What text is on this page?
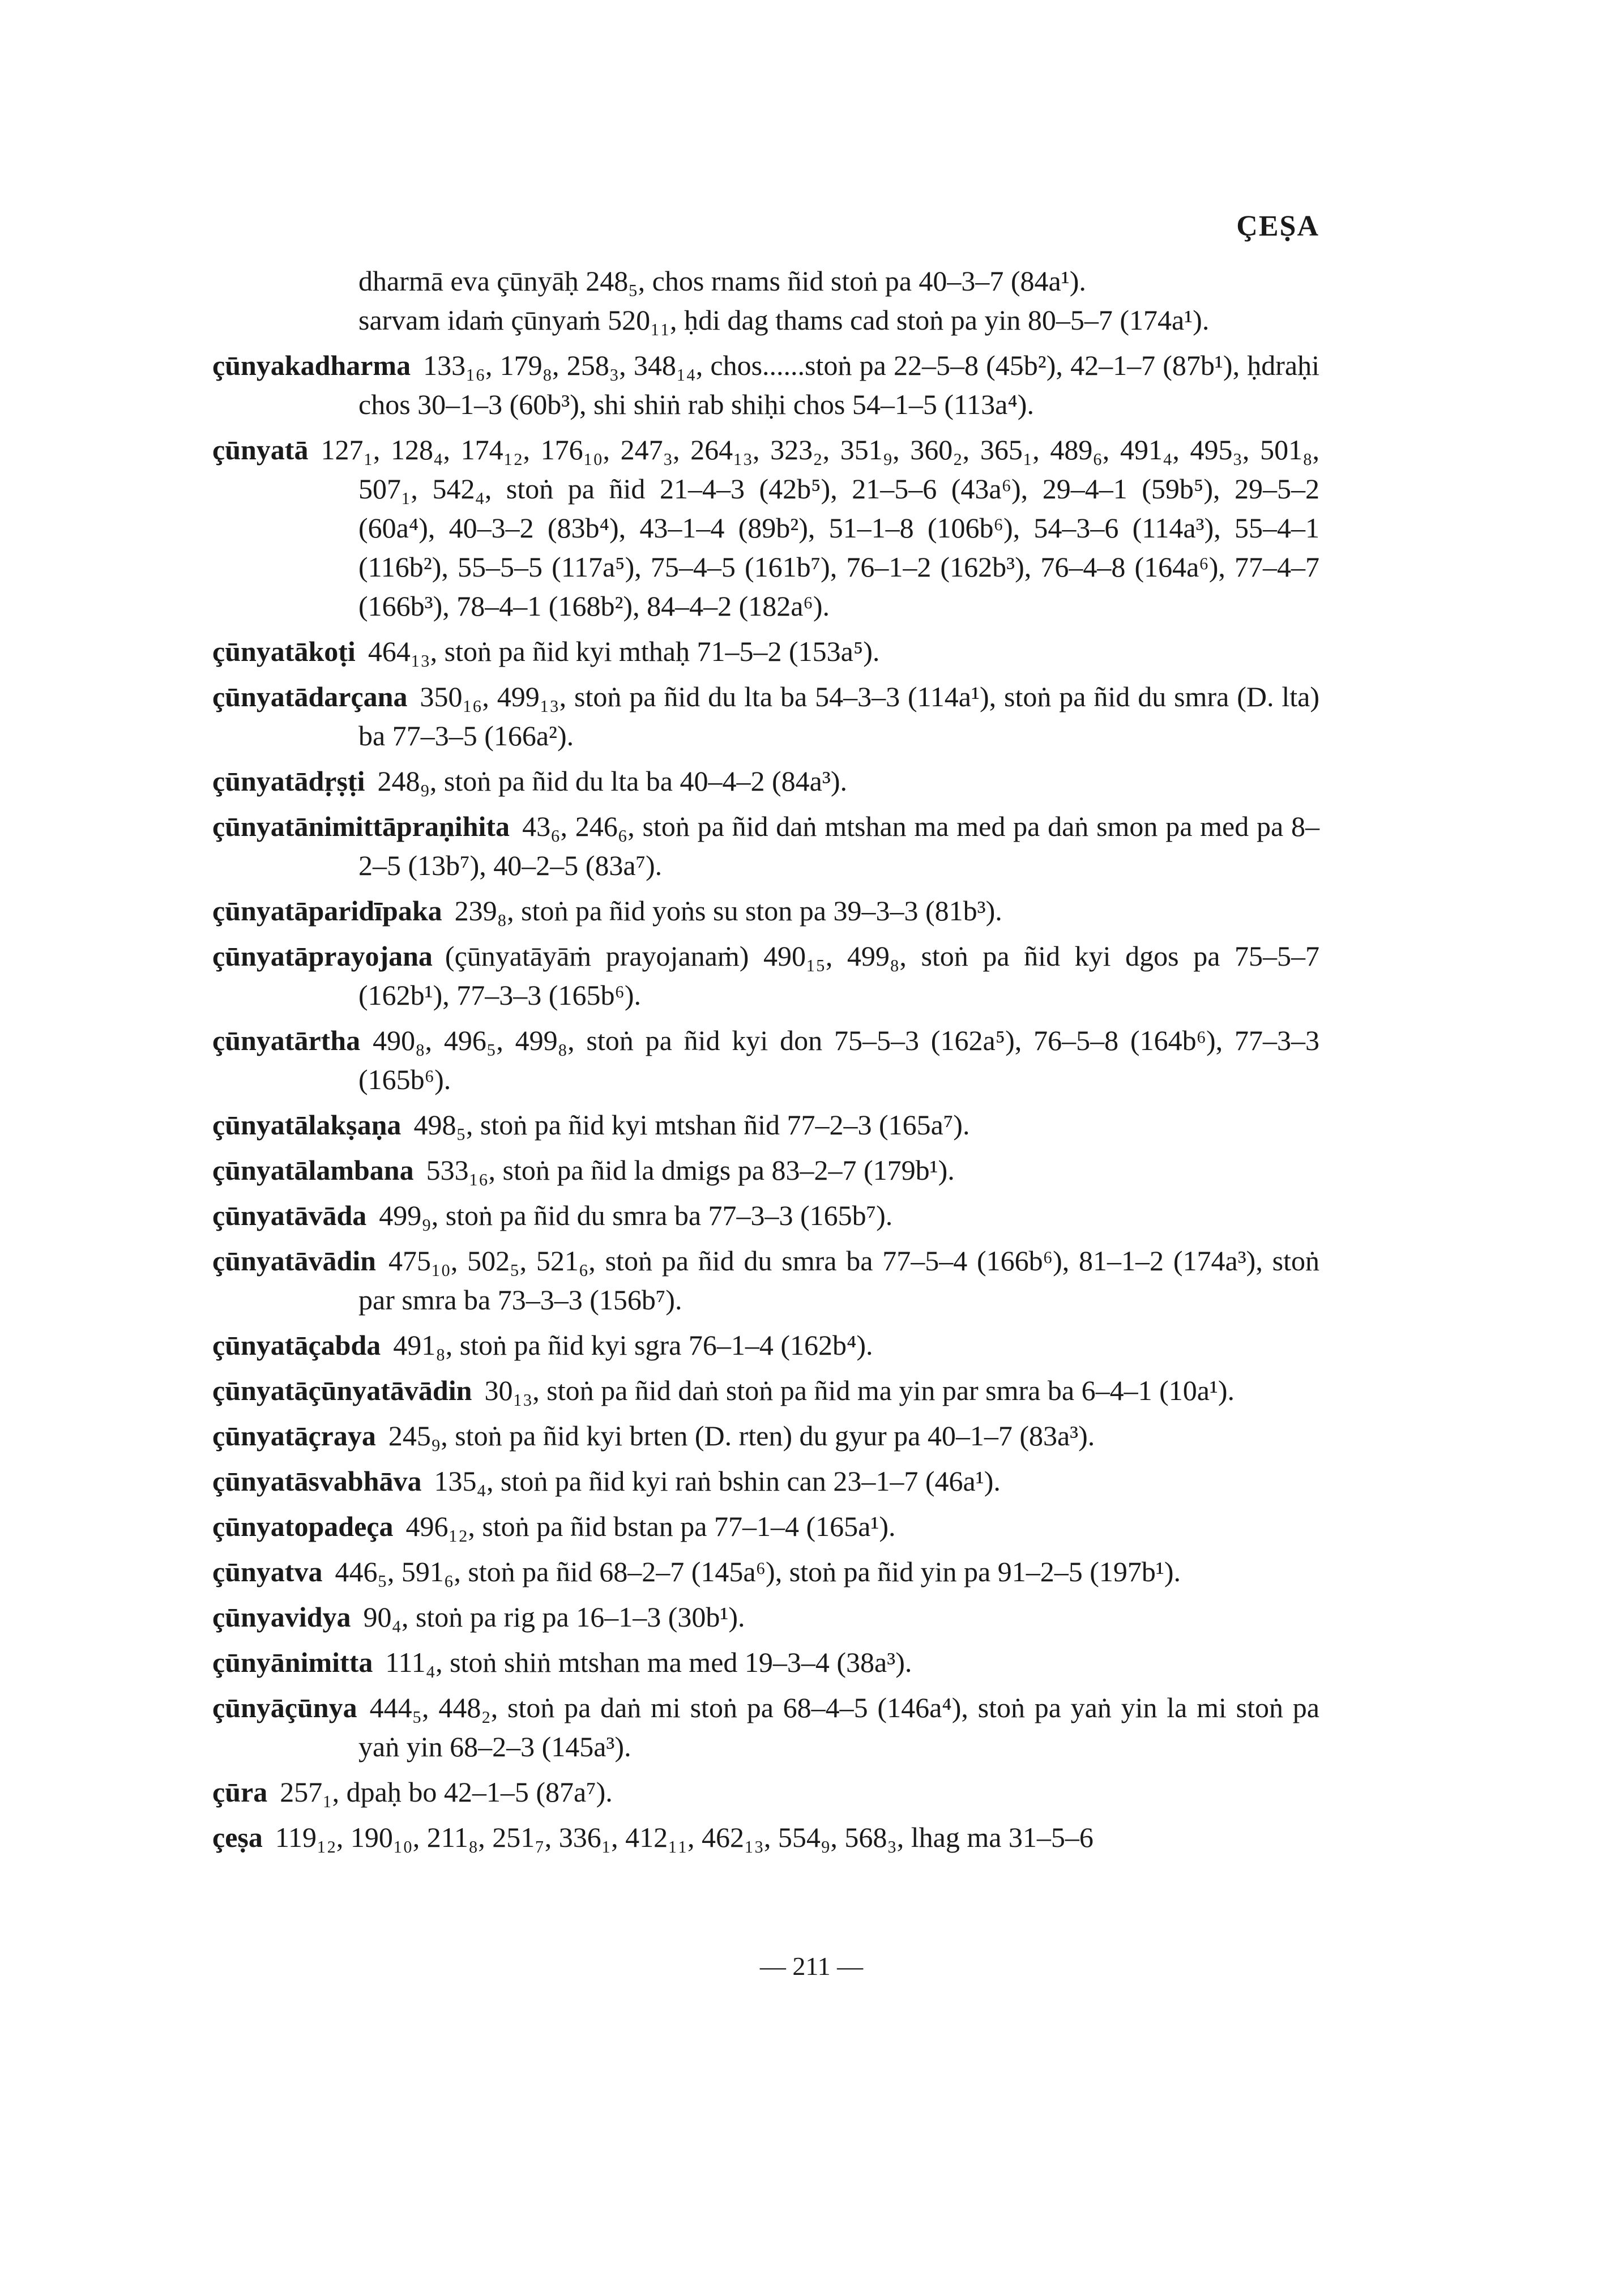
ÇEṢA

dharmā eva çūnyāḥ 248₅, chos rnams ñid stoṅ pa 40–3–7 (84a¹).

sarvam idaṁ çūnyaṁ 520₁₁, ḥdi dag thams cad stoṅ pa yin 80–5–7 (174a¹).

çūnyakadharma 133₁₆, 179₈, 258₃, 348₁₄, chos......stoṅ pa 22–5–8 (45b²), 42–1–7 (87b¹), ḥdraḥi chos 30–1–3 (60b³), shi shiṅ rab shiḥi chos 54–1–5 (113a⁴).

çūnyatā 127₁, 128₄, 174₁₂, 176₁₀, 247₃, 264₁₃, 323₂, 351₉, 360₂, 365₁, 489₆, 491₄, 495₃, 501₈, 507₁, 542₄, stoṅ pa ñid 21–4–3 (42b⁵), 21–5–6 (43a⁶), 29–4–1 (59b⁵), 29–5–2 (60a⁴), 40–3–2 (83b⁴), 43–1–4 (89b²), 51–1–8 (106b⁶), 54–3–6 (114a³), 55–4–1 (116b²), 55–5–5 (117a⁵), 75–4–5 (161b⁷), 76–1–2 (162b³), 76–4–8 (164a⁶), 77–4–7 (166b³), 78–4–1 (168b²), 84–4–2 (182a⁶).

çūnyatākoṭi 464₁₃, stoṅ pa ñid kyi mthaḥ 71–5–2 (153a⁵).

çūnyatādarçana 350₁₆, 499₁₃, stoṅ pa ñid du lta ba 54–3–3 (114a¹), stoṅ pa ñid du smra (D. lta) ba 77–3–5 (166a²).

çūnyatādṛṣṭi 248₉, stoṅ pa ñid du lta ba 40–4–2 (84a³).

çūnyatānimittāpraṇihita 43₆, 246₆, stoṅ pa ñid daṅ mtshan ma med pa daṅ smon pa med pa 8–2–5 (13b⁷), 40–2–5 (83a⁷).

çūnyatāparidīpaka 239₈, stoṅ pa ñid yoṅs su ston pa 39–3–3 (81b³).

çūnyatāprayojana (çūnyatāyāṁ prayojanaṁ) 490₁₅, 499₈, stoṅ pa ñid kyi dgos pa 75–5–7 (162b¹), 77–3–3 (165b⁶).

çūnyatārtha 490₈, 496₅, 499₈, stoṅ pa ñid kyi don 75–5–3 (162a⁵), 76–5–8 (164b⁶), 77–3–3 (165b⁶).

çūnyatālakṣaṇa 498₅, stoṅ pa ñid kyi mtshan ñid 77–2–3 (165a⁷).

çūnyatālambana 533₁₆, stoṅ pa ñid la dmigs pa 83–2–7 (179b¹).

çūnyatāvāda 499₉, stoṅ pa ñid du smra ba 77–3–3 (165b⁷).

çūnyatāvādin 475₁₀, 502₅, 521₆, stoṅ pa ñid du smra ba 77–5–4 (166b⁶), 81–1–2 (174a³), stoṅ par smra ba 73–3–3 (156b⁷).

çūnyatāçabda 491₈, stoṅ pa ñid kyi sgra 76–1–4 (162b⁴).

çūnyatāçūnyatāvādin 30₁₃, stoṅ pa ñid daṅ stoṅ pa ñid ma yin par smra ba 6–4–1 (10a¹).

çūnyatāçraya 245₉, stoṅ pa ñid kyi brten (D. rten) du gyur pa 40–1–7 (83a³).

çūnyatāsvabhāva 135₄, stoṅ pa ñid kyi raṅ bshin can 23–1–7 (46a¹).

çūnyatopadeça 496₁₂, stoṅ pa ñid bstan pa 77–1–4 (165a¹).

çūnyatva 446₅, 591₆, stoṅ pa ñid 68–2–7 (145a⁶), stoṅ pa ñid yin pa 91–2–5 (197b¹).

çūnyavidya 90₄, stoṅ pa rig pa 16–1–3 (30b¹).

çūnyānimitta 111₄, stoṅ shiṅ mtshan ma med 19–3–4 (38a³).

çūnyāçūnya 444₅, 448₂, stoṅ pa daṅ mi stoṅ pa 68–4–5 (146a⁴), stoṅ pa yaṅ yin la mi stoṅ pa yaṅ yin 68–2–3 (145a³).

çūra 257₁, dpaḥ bo 42–1–5 (87a⁷).

çeṣa 119₁₂, 190₁₀, 211₈, 251₇, 336₁, 412₁₁, 462₁₃, 554₉, 568₃, lhag ma 31–5–6

— 211 —
